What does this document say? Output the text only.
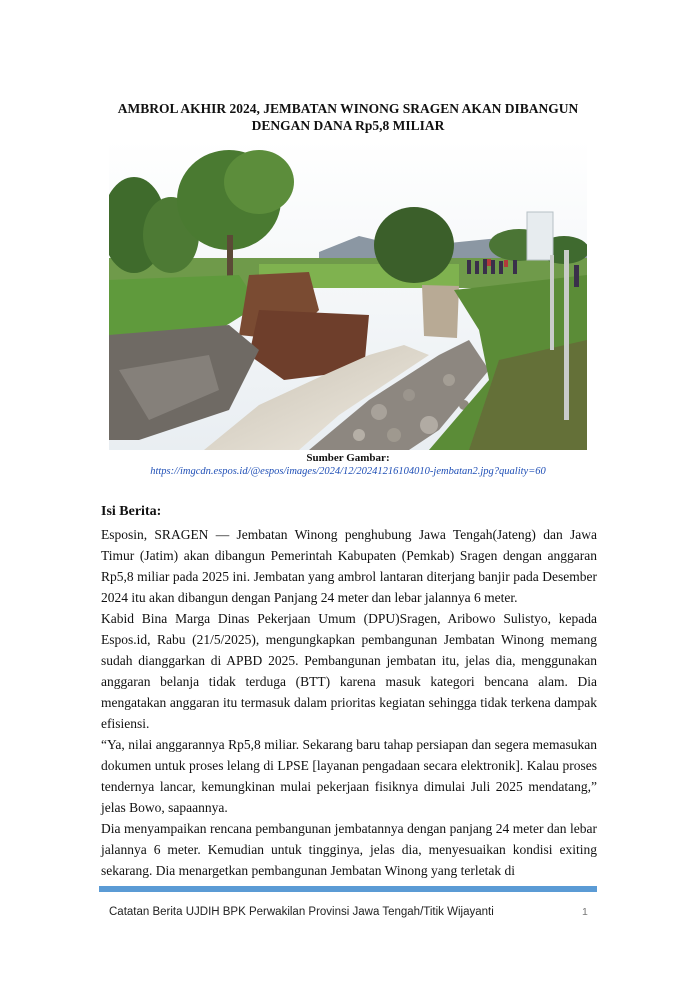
AMBROL AKHIR 2024, JEMBATAN WINONG SRAGEN AKAN DIBANGUN
DENGAN DANA Rp5,8 MILIAR
Sumber Gambar:
https://imgcdn.espos.id/@espos/images/2024/12/20241216104010-jembatan2.jpg?quality=60
Isi Berita:

Esposin, SRAGEN — Jembatan Winong penghubung Jawa Tengah(Jateng) dan Jawa Timur (Jatim) akan dibangun Pemerintah Kabupaten (Pemkab) Sragen dengan anggaran Rp5,8 miliar pada 2025 ini. Jembatan yang ambrol lantaran diterjang banjir pada Desember 2024 itu akan dibangun dengan Panjang 24 meter dan lebar jalannya 6 meter.

Kabid Bina Marga Dinas Pekerjaan Umum (DPU)Sragen, Aribowo Sulistyo, kepada Espos.id, Rabu (21/5/2025), mengungkapkan pembangunan Jembatan Winong memang sudah dianggarkan di APBD 2025. Pembangunan jembatan itu, jelas dia, menggunakan anggaran belanja tidak terduga (BTT) karena masuk kategori bencana alam. Dia mengatakan anggaran itu termasuk dalam prioritas kegiatan sehingga tidak terkena dampak efisiensi.

“Ya, nilai anggarannya Rp5,8 miliar. Sekarang baru tahap persiapan dan segera memasukan dokumen untuk proses lelang di LPSE [layanan pengadaan secara elektronik]. Kalau proses tendernya lancar, kemungkinan mulai pekerjaan fisiknya dimulai Juli 2025 mendatang,” jelas Bowo, sapaannya.

Dia menyampaikan rencana pembangunan jembatannya dengan panjang 24 meter dan lebar jalannya 6 meter. Kemudian untuk tingginya, jelas dia, menyesuaikan kondisi exiting sekarang. Dia menargetkan pembangunan Jembatan Winong yang terletak di

Catatan Berita UJDIH BPK Perwakilan Provinsi Jawa Tengah/Titik Wijayanti	1
